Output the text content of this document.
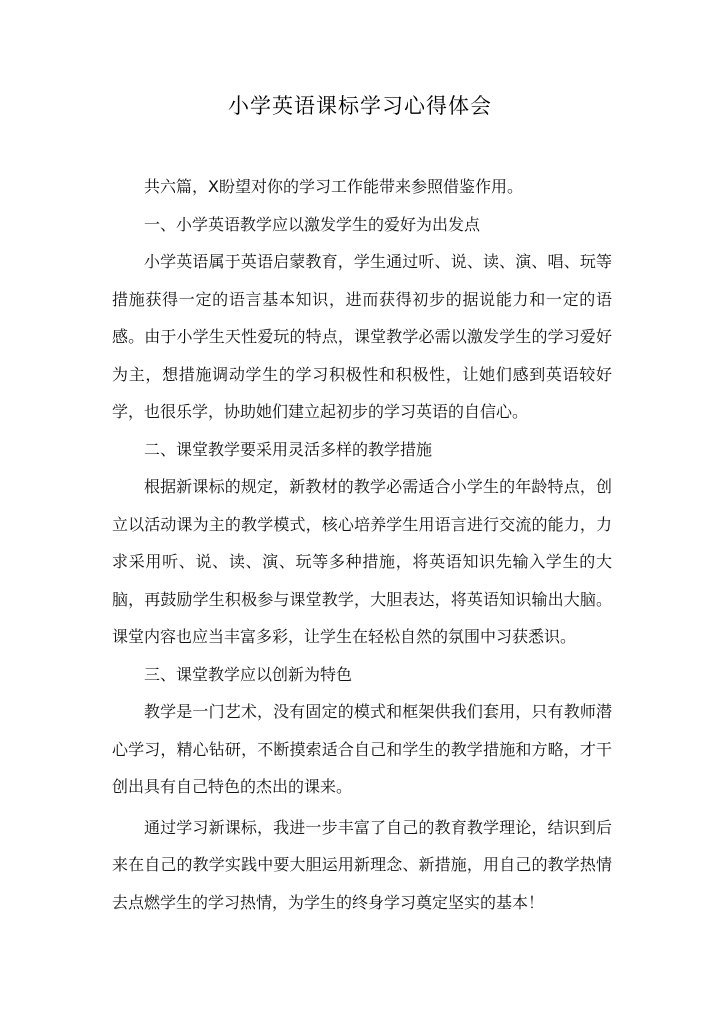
小学英语课标学习心得体会

共六篇，X盼望对你的学习工作能带来参照借鉴作用。

一、小学英语教学应以激发学生的爱好为出发点

小学英语属于英语启蒙教育，学生通过听、说、读、演、唱、玩等措施获得一定的语言基本知识，进而获得初步的据说能力和一定的语感。由于小学生天性爱玩的特点，课堂教学必需以激发学生的学习爱好为主，想措施调动学生的学习积极性和积极性，让她们感到英语较好学，也很乐学，协助她们建立起初步的学习英语的自信心。

二、课堂教学要采用灵活多样的教学措施

根据新课标的规定，新教材的教学必需适合小学生的年龄特点，创立以活动课为主的教学模式，核心培养学生用语言进行交流的能力，力求采用听、说、读、演、玩等多种措施，将英语知识先输入学生的大脑，再鼓励学生积极参与课堂教学，大胆表达，将英语知识输出大脑。课堂内容也应当丰富多彩，让学生在轻松自然的氛围中习获悉识。

三、课堂教学应以创新为特色

教学是一门艺术，没有固定的模式和框架供我们套用，只有教师潜心学习，精心钻研，不断摸索适合自己和学生的教学措施和方略，才干创出具有自己特色的杰出的课来。

通过学习新课标，我进一步丰富了自己的教育教学理论，结识到后来在自己的教学实践中要大胆运用新理念、新措施，用自己的教学热情去点燃学生的学习热情，为学生的终身学习奠定坚实的基本！
